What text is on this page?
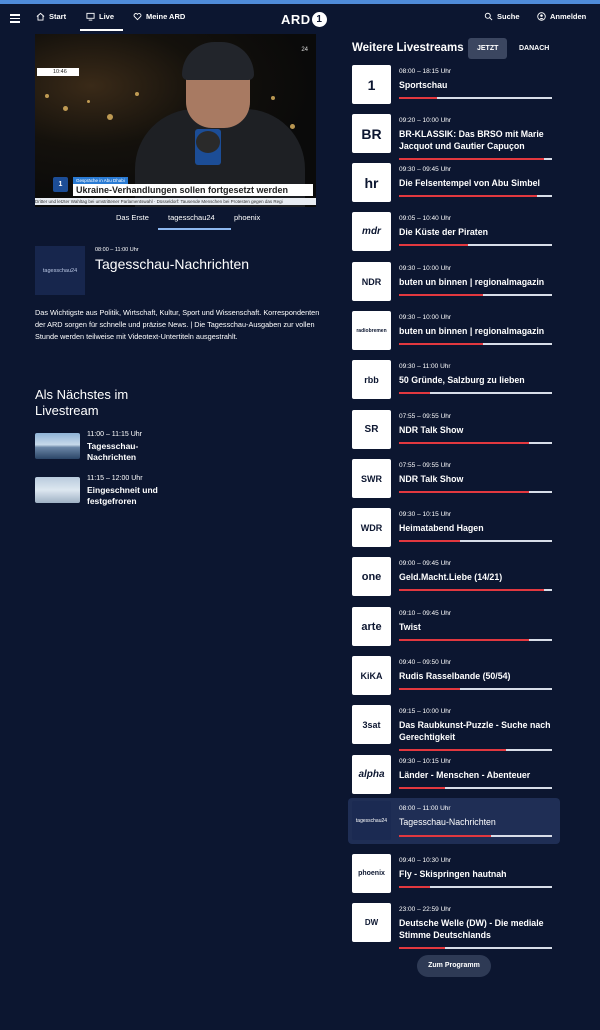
Start	Live	Meine ARD	ARD 1	Suche	Anmelden
10:46
24
1
Gespräche in Abu Dhabi
Ukraine-Verhandlungen sollen fortgesetzt werden
Dritter und letzter Wahltag bei umstrittener Parlamentswahl · Düsseldorf: Tausende Menschen bei Protesten gegen das Regi
Das Erste	tagesschau24	phoenix
tagesschau24
08:00 – 11:00 Uhr
Tagesschau-Nachrichten
Das Wichtigste aus Politik, Wirtschaft, Kultur, Sport und Wissenschaft. Korrespondenten der ARD sorgen für schnelle und präzise News. | Die Tagesschau-Ausgaben zur vollen Stunde werden teilweise mit Videotext-Untertiteln ausgestrahlt.
Als Nächstes im Livestream
11:00 – 11:15 Uhr
Tagesschau-Nachrichten
11:15 – 12:00 Uhr
Eingeschneit und festgefroren
Weitere Livestreams	JETZT	DANACH
1
08:00 – 18:15 Uhr
Sportschau
BR
09:20 – 10:00 Uhr
BR-KLASSIK: Das BRSO mit Marie Jacquot und Gautier Capuçon
hr
09:30 – 09:45 Uhr
Die Felsentempel von Abu Simbel
mdr
09:05 – 10:40 Uhr
Die Küste der Piraten
NDR
09:30 – 10:00 Uhr
buten un binnen | regionalmagazin
radiobremen
09:30 – 10:00 Uhr
buten un binnen | regionalmagazin
rbb
09:30 – 11:00 Uhr
50 Gründe, Salzburg zu lieben
SR
07:55 – 09:55 Uhr
NDR Talk Show
SWR
07:55 – 09:55 Uhr
NDR Talk Show
WDR
09:30 – 10:15 Uhr
Heimatabend Hagen
one
09:00 – 09:45 Uhr
Geld.Macht.Liebe (14/21)
arte
09:10 – 09:45 Uhr
Twist
KiKA
09:40 – 09:50 Uhr
Rudis Rasselbande (50/54)
3sat
09:15 – 10:00 Uhr
Das Raubkunst-Puzzle - Suche nach Gerechtigkeit
alpha
09:30 – 10:15 Uhr
Länder - Menschen - Abenteuer
tagesschau24
08:00 – 11:00 Uhr
Tagesschau-Nachrichten
phoenix
09:40 – 10:30 Uhr
Fly - Skispringen hautnah
DW
23:00 – 22:59 Uhr
Deutsche Welle (DW) - Die mediale Stimme Deutschlands
Zum Programm
